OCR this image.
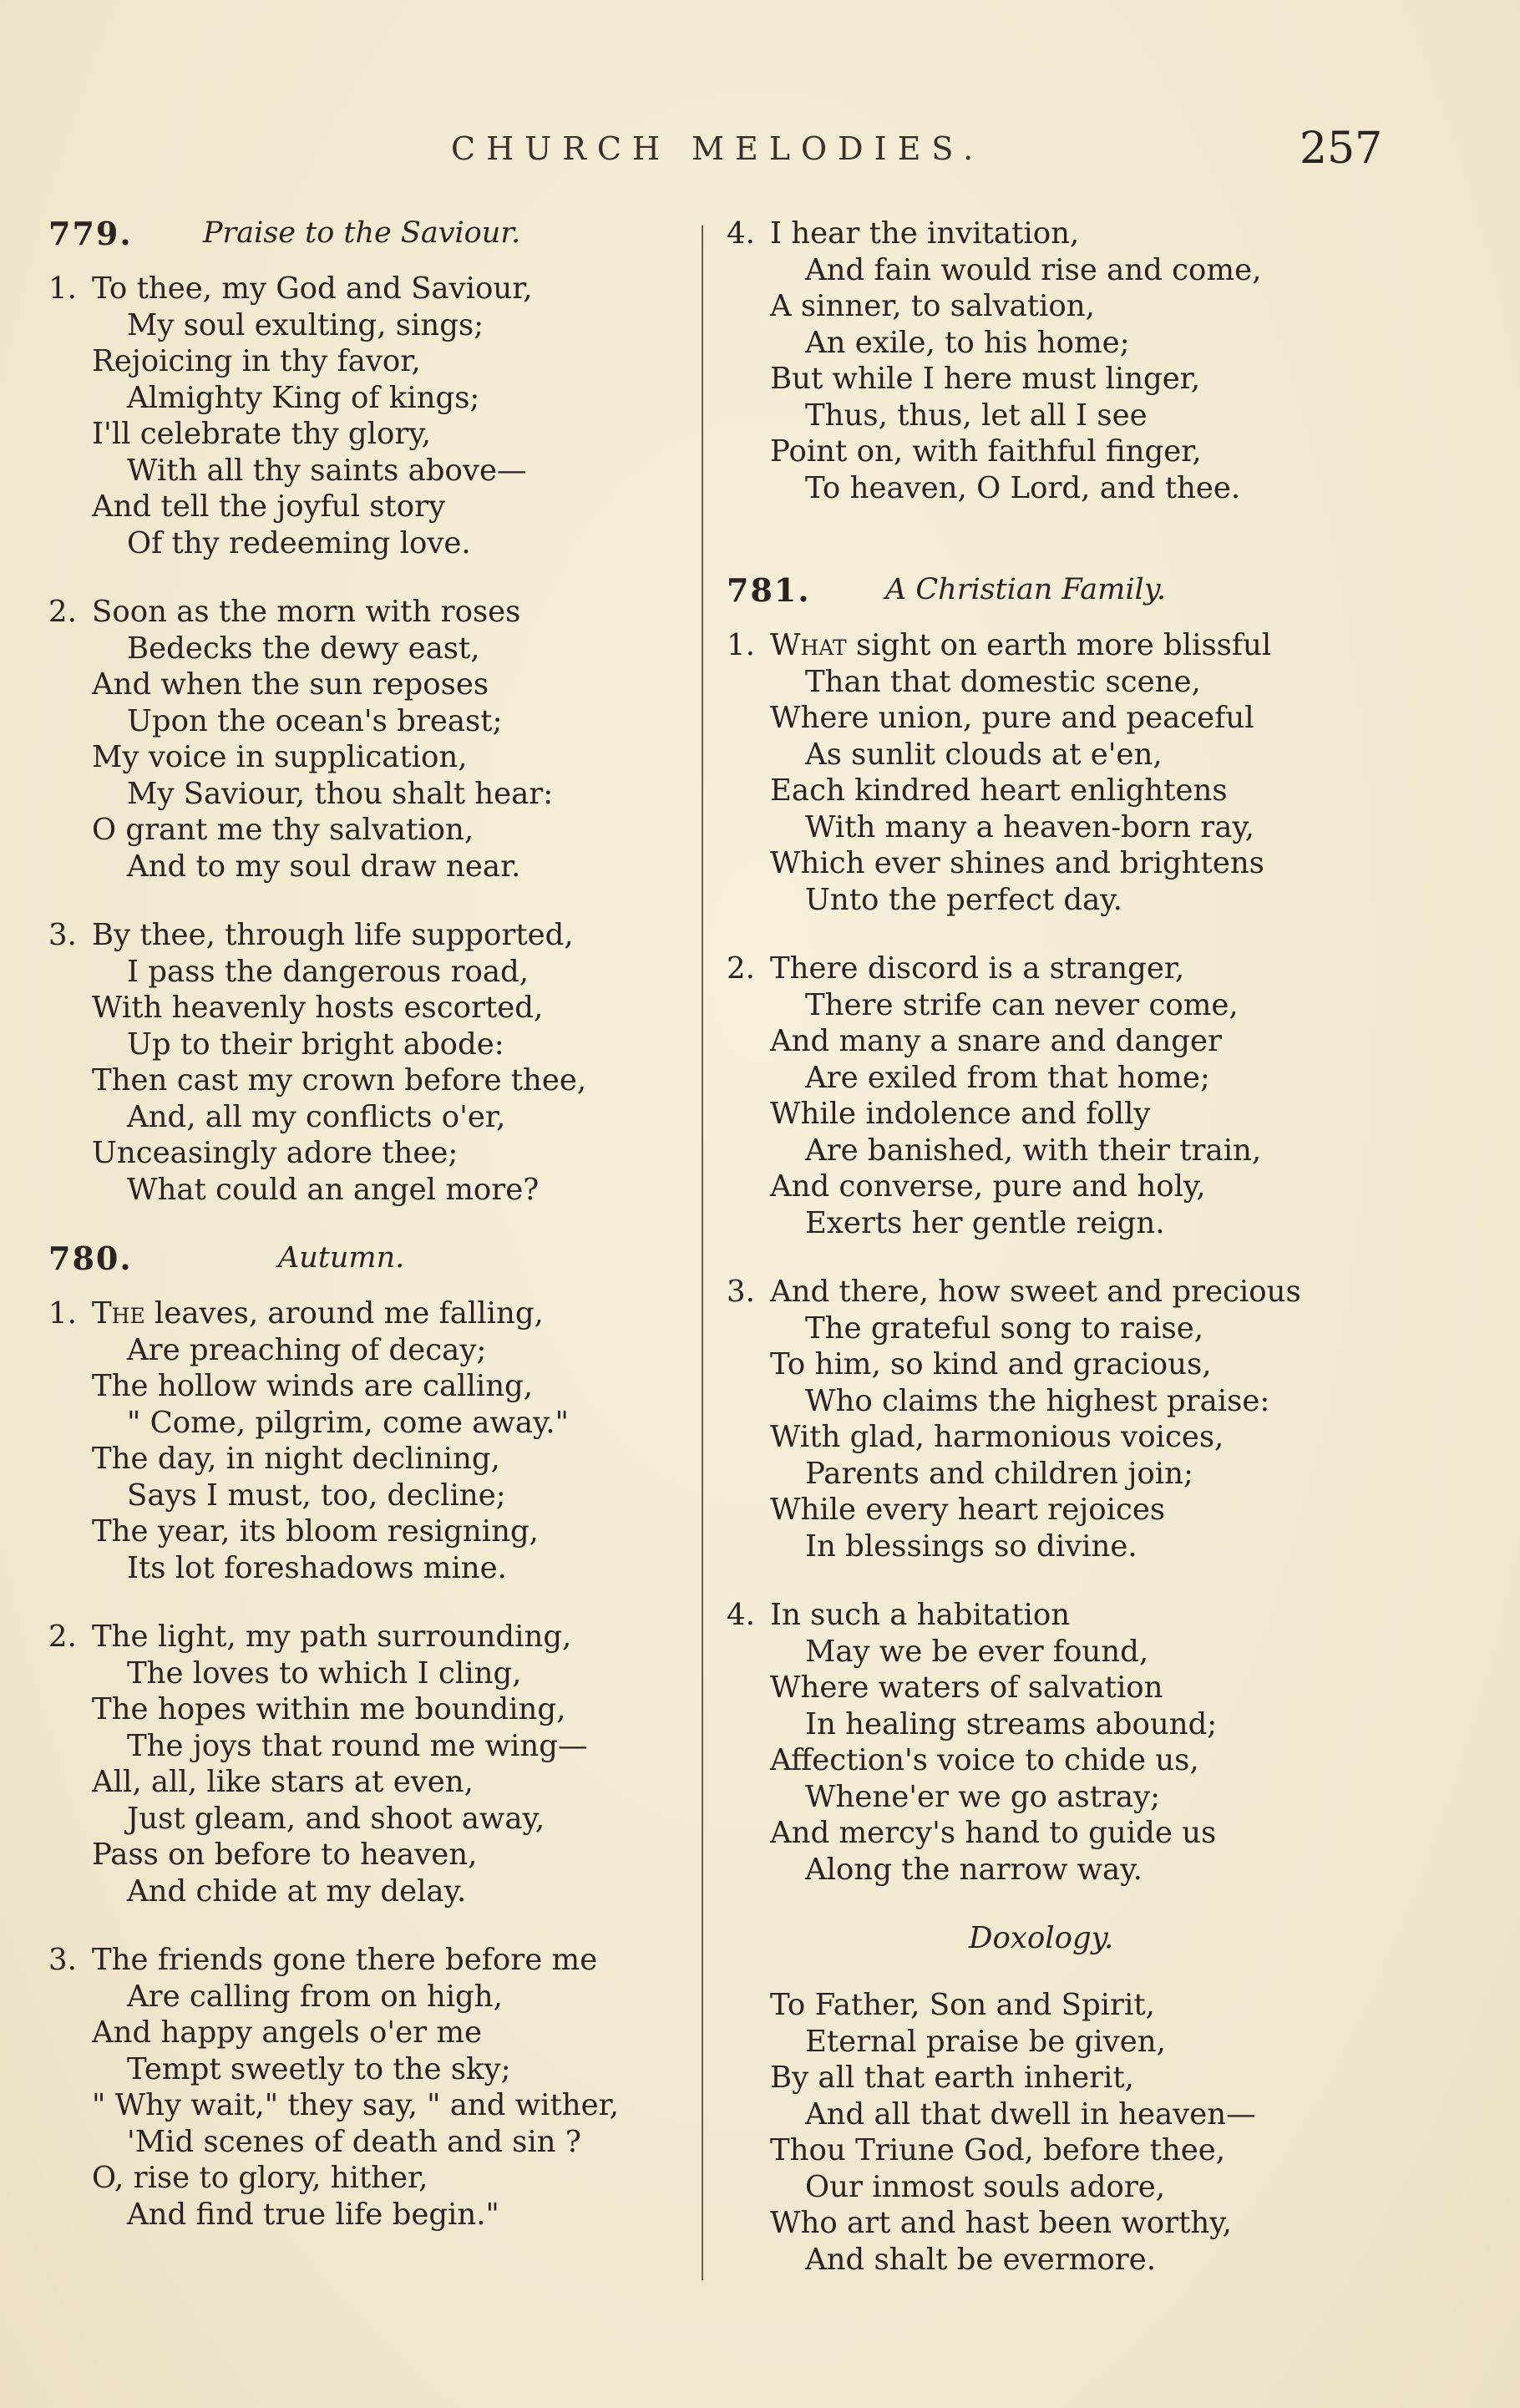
CHURCH MELODIES.	257
779. Praise to the Saviour.
1. To thee, my God and Saviour,
My soul exulting, sings;
Rejoicing in thy favor,
Almighty King of kings;
I'll celebrate thy glory,
With all thy saints above—
And tell the joyful story
Of thy redeeming love.
2. Soon as the morn with roses
Bedecks the dewy east,
And when the sun reposes
Upon the ocean's breast;
My voice in supplication,
My Saviour, thou shalt hear:
O grant me thy salvation,
And to my soul draw near.
3. By thee, through life supported,
I pass the dangerous road,
With heavenly hosts escorted,
Up to their bright abode:
Then cast my crown before thee,
And, all my conflicts o'er,
Unceasingly adore thee;
What could an angel more?
780.	Autumn.
1. The leaves, around me falling,
Are preaching of decay;
The hollow winds are calling,
" Come, pilgrim, come away."
The day, in night declining,
Says I must, too, decline;
The year, its bloom resigning,
Its lot foreshadows mine.
2. The light, my path surrounding,
The loves to which I cling,
The hopes within me bounding,
The joys that round me wing—
All, all, like stars at even,
Just gleam, and shoot away,
Pass on before to heaven,
And chide at my delay.
3. The friends gone there before me
Are calling from on high,
And happy angels o'er me
Tempt sweetly to the sky;
" Why wait," they say, " and wither,
'Mid scenes of death and sin ?
O, rise to glory, hither,
And find true life begin."
4. I hear the invitation,
And fain would rise and come,
A sinner, to salvation,
An exile, to his home;
But while I here must linger,
Thus, thus, let all I see
Point on, with faithful finger,
To heaven, O Lord, and thee.
781.	A Christian Family.
1. What sight on earth more blissful
Than that domestic scene,
Where union, pure and peaceful
As sunlit clouds at e'en,
Each kindred heart enlightens
With many a heaven-born ray,
Which ever shines and brightens
Unto the perfect day.
2. There discord is a stranger,
There strife can never come,
And many a snare and danger
Are exiled from that home;
While indolence and folly
Are banished, with their train,
And converse, pure and holy,
Exerts her gentle reign.
3. And there, how sweet and precious
The grateful song to raise,
To him, so kind and gracious,
Who claims the highest praise:
With glad, harmonious voices,
Parents and children join;
While every heart rejoices
In blessings so divine.
4. In such a habitation
May we be ever found,
Where waters of salvation
In healing streams abound;
Affection's voice to chide us,
Whene'er we go astray;
And mercy's hand to guide us
Along the narrow way.
Doxology.
To Father, Son and Spirit,
Eternal praise be given,
By all that earth inherit,
And all that dwell in heaven—
Thou Triune God, before thee,
Our inmost souls adore,
Who art and hast been worthy,
And shalt be evermore.
